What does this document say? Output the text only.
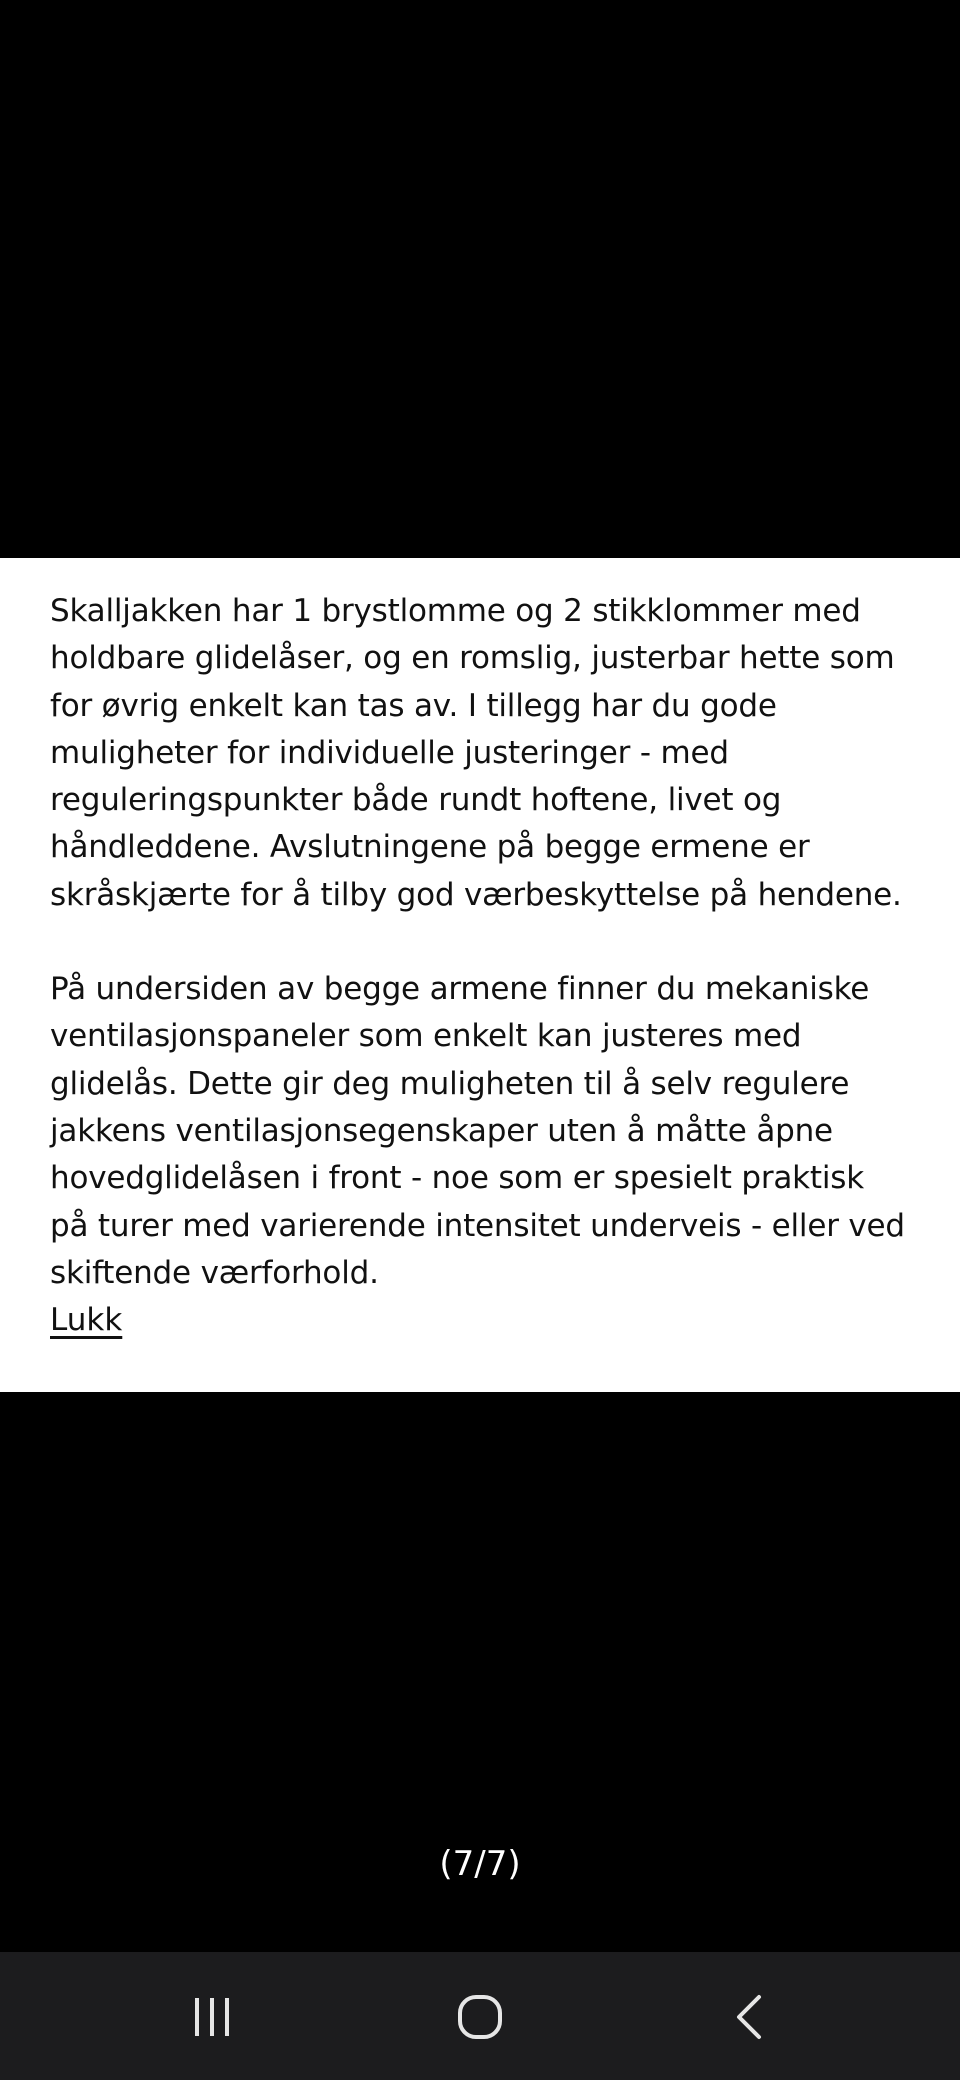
Skalljakken har 1 brystlomme og 2 stikklommer med
holdbare glidelåser, og en romslig, justerbar hette som
for øvrig enkelt kan tas av. I tillegg har du gode
muligheter for individuelle justeringer - med
reguleringspunkter både rundt hoftene, livet og
håndleddene. Avslutningene på begge ermene er
skråskjærte for å tilby god værbeskyttelse på hendene.

På undersiden av begge armene finner du mekaniske
ventilasjonspaneler som enkelt kan justeres med
glidelås. Dette gir deg muligheten til å selv regulere
jakkens ventilasjonsegenskaper uten å måtte åpne
hovedglidelåsen i front - noe som er spesielt praktisk
på turer med varierende intensitet underveis - eller ved
skiftende værforhold.

Lukk
(7/7)
